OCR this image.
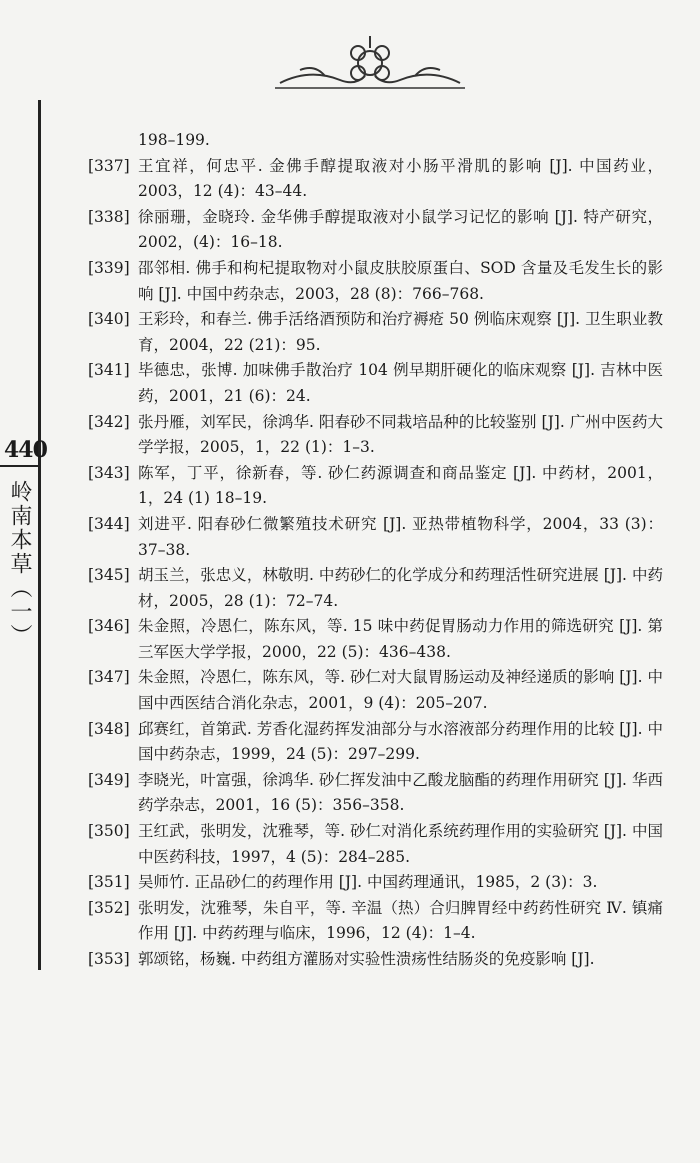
440
岭南本草（一）
198–199.
[337] 王宜祥，何忠平. 金佛手醇提取液对小肠平滑肌的影响 [J]. 中国药业，2003，12 (4)：43–44.
[338] 徐丽珊，金晓玲. 金华佛手醇提取液对小鼠学习记忆的影响 [J]. 特产研究，2002，(4)：16–18.
[339] 邵邻相. 佛手和枸杞提取物对小鼠皮肤胶原蛋白、SOD 含量及毛发生长的影响 [J]. 中国中药杂志，2003，28 (8)：766–768.
[340] 王彩玲，和春兰. 佛手活络酒预防和治疗褥疮 50 例临床观察 [J]. 卫生职业教育，2004，22 (21)：95.
[341] 毕德忠，张博. 加味佛手散治疗 104 例早期肝硬化的临床观察 [J]. 吉林中医药，2001，21 (6)：24.
[342] 张丹雁，刘军民，徐鸿华. 阳春砂不同栽培品种的比较鉴别 [J]. 广州中医药大学学报，2005，1，22 (1)：1–3.
[343] 陈军，丁平，徐新春，等. 砂仁药源调查和商品鉴定 [J]. 中药材，2001，1，24 (1) 18–19.
[344] 刘进平. 阳春砂仁微繁殖技术研究 [J]. 亚热带植物科学，2004，33 (3)：37–38.
[345] 胡玉兰，张忠义，林敬明. 中药砂仁的化学成分和药理活性研究进展 [J]. 中药材，2005，28 (1)：72–74.
[346] 朱金照，冷恩仁，陈东风，等. 15 味中药促胃肠动力作用的筛选研究 [J]. 第三军医大学学报，2000，22 (5)：436–438.
[347] 朱金照，冷恩仁，陈东风，等. 砂仁对大鼠胃肠运动及神经递质的影响 [J]. 中国中西医结合消化杂志，2001，9 (4)：205–207.
[348] 邱赛红，首第武. 芳香化湿药挥发油部分与水溶液部分药理作用的比较 [J]. 中国中药杂志，1999，24 (5)：297–299.
[349] 李晓光，叶富强，徐鸿华. 砂仁挥发油中乙酸龙脑酯的药理作用研究 [J]. 华西药学杂志，2001，16 (5)：356–358.
[350] 王红武，张明发，沈雅琴，等. 砂仁对消化系统药理作用的实验研究 [J]. 中国中医药科技，1997，4 (5)：284–285.
[351] 吴师竹. 正品砂仁的药理作用 [J]. 中国药理通讯，1985，2 (3)：3.
[352] 张明发，沈雅琴，朱自平，等. 辛温（热）合归脾胃经中药药性研究 Ⅳ. 镇痛作用 [J]. 中药药理与临床，1996，12 (4)：1–4.
[353] 郭颂铭，杨巍. 中药组方灌肠对实验性溃疡性结肠炎的免疫影响 [J].
